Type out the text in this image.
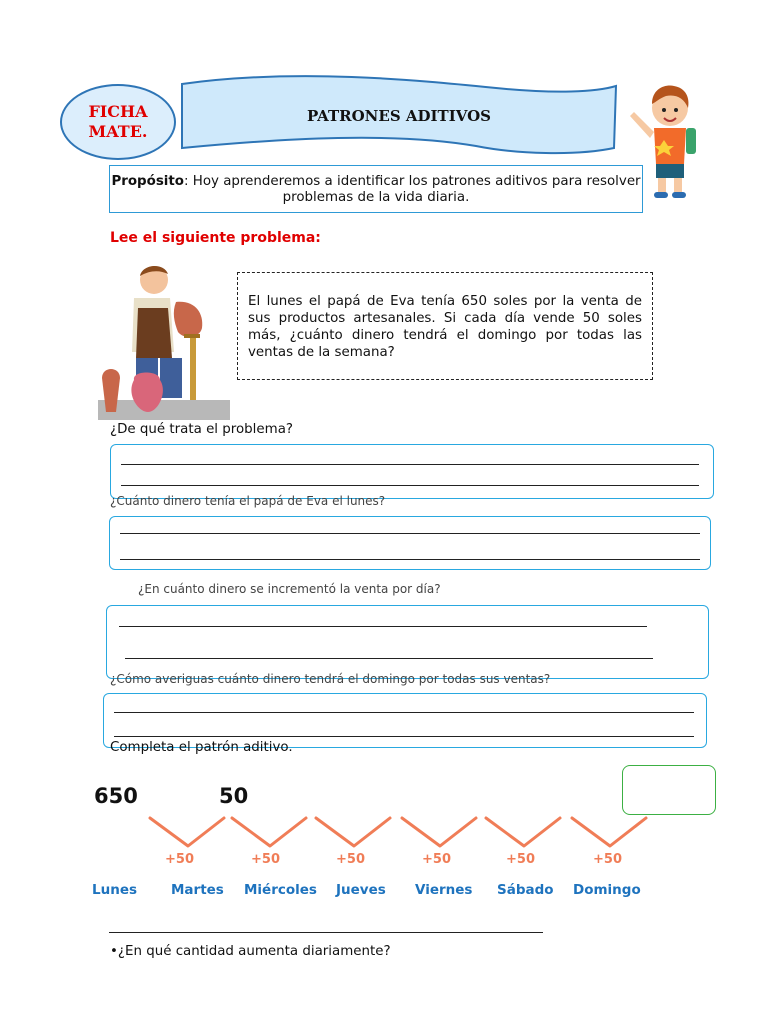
FICHA
MATE.
PATRONES ADITIVOS
Propósito: Hoy aprenderemos a identificar los patrones aditivos para resolver problemas de la vida diaria.
Lee el siguiente problema:
El lunes el papá de Eva tenía 650 soles por la venta de sus productos artesanales. Si cada día vende 50 soles más, ¿cuánto dinero tendrá el domingo por todas las ventas de la semana?
¿De qué trata el problema?
¿Cuánto dinero tenía el papá de Eva el lunes?
¿En cuánto dinero se incrementó la venta por día?
¿Cómo averiguas cuánto dinero tendrá el domingo por todas sus ventas?
Completa el patrón aditivo.
650	50
+50	+50	+50	+50	+50	+50
Lunes	Martes Miércoles Jueves Viernes Sábado Domingo
•¿En qué cantidad aumenta diariamente?
